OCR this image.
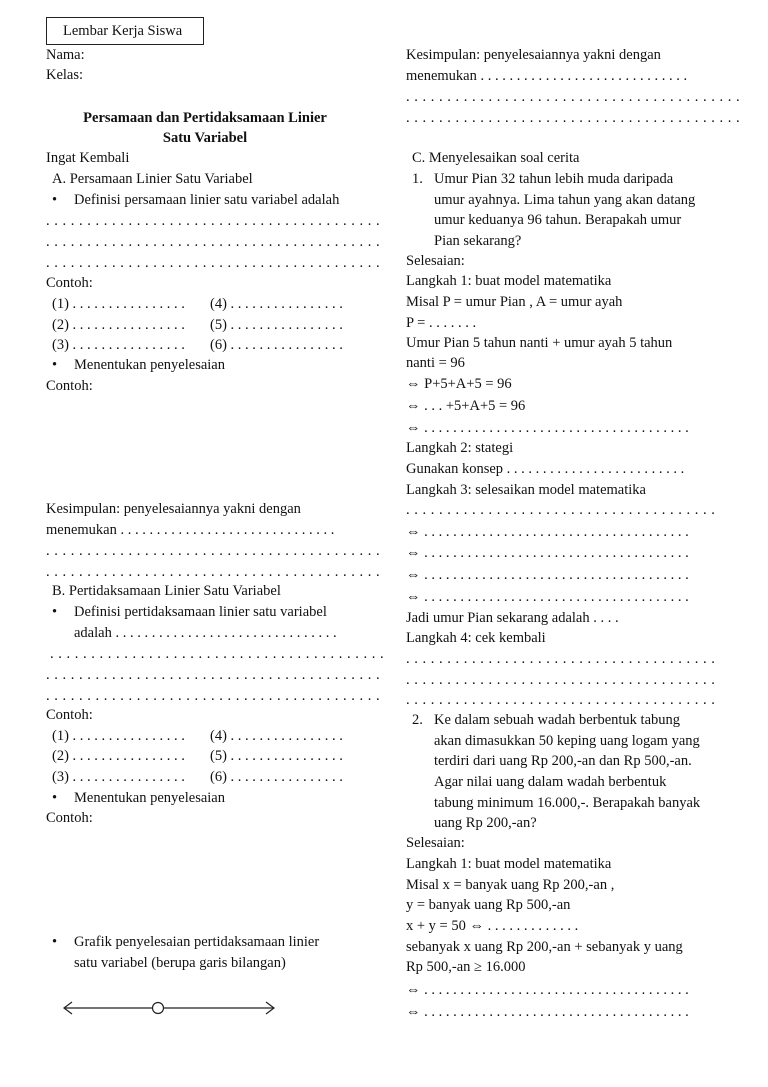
Lembar Kerja Siswa
Nama:
Kelas:
Persamaan dan Pertidaksamaan Linier
Satu Variabel
Ingat Kembali
A. Persamaan Linier Satu Variabel
• Definisi persamaan linier satu variabel adalah
. . . . . . . . . . . . . . . . . . . . . . . . . . . . . . . . . . . . . . . . .
. . . . . . . . . . . . . . . . . . . . . . . . . . . . . . . . . . . . . . . . .
. . . . . . . . . . . . . . . . . . . . . . . . . . . . . . . . . . . . . . . . .
Contoh:
(1) . . . . . . . . . . . . . . . . (4) . . . . . . . . . . . . . . . .
(2) . . . . . . . . . . . . . . . . (5) . . . . . . . . . . . . . . . .
(3) . . . . . . . . . . . . . . . . (6) . . . . . . . . . . . . . . . .
• Menentukan penyelesaian
Contoh:
Kesimpulan: penyelesaiannya yakni dengan
menemukan . . . . . . . . . . . . . . . . . . . . . . . . . . . . . .
. . . . . . . . . . . . . . . . . . . . . . . . . . . . . . . . . . . . . . . . .
. . . . . . . . . . . . . . . . . . . . . . . . . . . . . . . . . . . . . . . . .
B. Pertidaksamaan Linier Satu Variabel
• Definisi pertidaksamaan linier satu variabel
adalah . . . . . . . . . . . . . . . . . . . . . . . . . . . . . . .
. . . . . . . . . . . . . . . . . . . . . . . . . . . . . . . . . . . . . . . . .
. . . . . . . . . . . . . . . . . . . . . . . . . . . . . . . . . . . . . . . . .
. . . . . . . . . . . . . . . . . . . . . . . . . . . . . . . . . . . . . . . . .
Contoh:
(1) . . . . . . . . . . . . . . . . (4) . . . . . . . . . . . . . . . .
(2) . . . . . . . . . . . . . . . . (5) . . . . . . . . . . . . . . . .
(3) . . . . . . . . . . . . . . . . (6) . . . . . . . . . . . . . . . .
• Menentukan penyelesaian
Contoh:
• Grafik penyelesaian pertidaksamaan linier
satu variabel (berupa garis bilangan)
Kesimpulan: penyelesaiannya yakni dengan
menemukan . . . . . . . . . . . . . . . . . . . . . . . . . . . . .
. . . . . . . . . . . . . . . . . . . . . . . . . . . . . . . . . . . . . . . . .
. . . . . . . . . . . . . . . . . . . . . . . . . . . . . . . . . . . . . . . . .
C. Menyelesaikan soal cerita
1. Umur Pian 32 tahun lebih muda daripada
umur ayahnya. Lima tahun yang akan datang
umur keduanya 96 tahun. Berapakah umur
Pian sekarang?
Selesaian:
Langkah 1: buat model matematika
Misal P = umur Pian , A = umur ayah
P = . . . . . . .
Umur Pian 5 tahun nanti + umur ayah 5 tahun
nanti = 96
⇔ P+5+A+5 = 96
⇔ . . . +5+A+5 = 96
⇔ . . . . . . . . . . . . . . . . . . . . . . . . . . . . . . . . . . . . .
Langkah 2: stategi
Gunakan konsep . . . . . . . . . . . . . . . . . . . . . . . . .
Langkah 3: selesaikan model matematika
. . . . . . . . . . . . . . . . . . . . . . . . . . . . . . . . . . . . . .
⇔ . . . . . . . . . . . . . . . . . . . . . . . . . . . . . . . . . . . . .
⇔ . . . . . . . . . . . . . . . . . . . . . . . . . . . . . . . . . . . . .
⇔ . . . . . . . . . . . . . . . . . . . . . . . . . . . . . . . . . . . . .
⇔ . . . . . . . . . . . . . . . . . . . . . . . . . . . . . . . . . . . . .
Jadi umur Pian sekarang adalah . . . .
Langkah 4: cek kembali
. . . . . . . . . . . . . . . . . . . . . . . . . . . . . . . . . . . . . .
. . . . . . . . . . . . . . . . . . . . . . . . . . . . . . . . . . . . . .
. . . . . . . . . . . . . . . . . . . . . . . . . . . . . . . . . . . . . .
2. Ke dalam sebuah wadah berbentuk tabung
akan dimasukkan 50 keping uang logam yang
terdiri dari uang Rp 200,-an dan Rp 500,-an.
Agar nilai uang dalam wadah berbentuk
tabung minimum 16.000,-. Berapakah banyak
uang Rp 200,-an?
Selesaian:
Langkah 1: buat model matematika
Misal x = banyak uang Rp 200,-an ,
y = banyak uang Rp 500,-an
x + y = 50 ⇔ . . . . . . . . . . . . .
sebanyak x uang Rp 200,-an + sebanyak y uang
Rp 500,-an ≥ 16.000
⇔ . . . . . . . . . . . . . . . . . . . . . . . . . . . . . . . . . . . . .
⇔ . . . . . . . . . . . . . . . . . . . . . . . . . . . . . . . . . . . . .
